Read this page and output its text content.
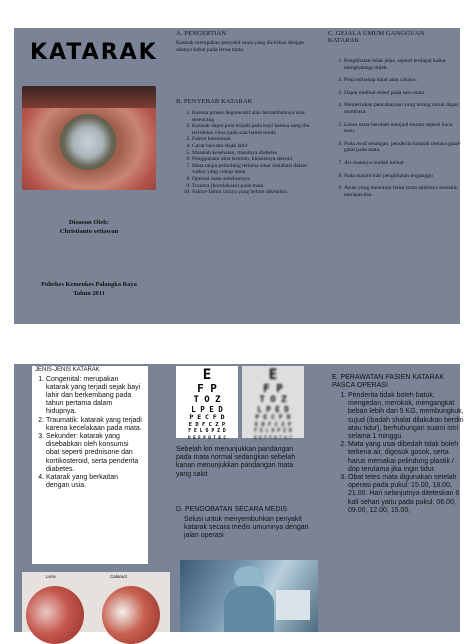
KATARAK
Disusun Oleh:
Christianto setiawan
Poltekes Kemenkes Palangka Raya
Tahun 2011
A. PENGERTIAN
Katarak merupakan penyakit mata yang dicirikan dengan adanya kabut pada lensa mata.
B. PENYEBAB KATARAK
1. Karena proses degeneratif atau bertambahnya usia seseorang
2. Katarak dapat pula terjadi pada bayi karena sang ibu terinfeksi virus pada saat hamil muda
3. Faktor keturunan.
4. Cacat bawaan sejak lahir
5. Masalah kesehatan, misalnya diabetes
6. Penggunaan obat tertentu, khususnya steroid
7. Mata tanpa pelindung terkena sinar matahari dalam waktu yang cukup lama
8. Operasi mata sebelumnya
9. Trauma (kecelakaan) pada mata
10. Faktor-faktor lainya yang belum diketahui.
C. GEJALA UMUM GANGGUAN KATARAK
1. Penglihatan tidak jelas, seperti terdapat kabut menghalangi objek.
2. Peka terhadap sinar atau cahaya.
3. Dapat melihat dobel pada satu mata.
4. Memerlukan pencahayaan yang terang untuk dapat membaca.
5. Lensa mata berubah menjadi buram seperti kaca susu.
6. Pada awal serangan, penderita katarak merasa gatal-gatal pada mata.
7. Air matanya mudah keluar
8. Pada malam hari penglihatan terganggu
9. Awan yang menutupi lensa mata akhirnya semakin merapat dan
JENIS-JENIS KATARAK
1. Congenital: merupakan katarak yang terjadi sejak bayi lahir dan berkembang pada tahun pertama dalam hidupnya.
2. Traumatik: katarak yang terjadi karena kecelakaan pada mata.
3. Sekunder: katarak yang disebabkan oleh konsumsi obat seperti prednisone dan kortikosteroid, serta penderita diabetes.
4. Katarak yang berkaitan dengan usia.
Lens	Cataract
E
F P
T O Z
L P E D
P E C F D
E D F C Z P
F E L O P Z D
D E F P O T E C
E
F P
T O Z
L P E D
P E C F D
E D F C Z P
F E L O P Z D
D E F P O T E C
Sebelah kiri menunjukkan pandangan pada mata normal sedangkan sebelah kanan menunjukkan pandangan mata yang sakit
D. PENGOBATAN SECARA MEDIS
Solusi untuk menyembuhkan penyakit katarak secara medis umumnya dengan jalan operasi
E. PERAWATAN PASIEN KATARAK PASCA OPERASI
1. Penderita tidak boleh batuk, mengedan, merokok, mengangkat beban lebih dari 5 KG, membungkuk, sujud (ibadah shalat dilakukan berdiri atau tidur), berhubungan suami istri selama 1 minggu.
2. Mata yang usai dibedah tidak boleh terkena air, digosok gosok, serta harus memakai pelindung plastik / dop terutama jika ingin tidur.
3. Obat tetes mata digunakan setelah operasi pada pukul: 15.00, 18.00, 21.00. Hari selanjutnya diteteskan 6 kali sehari yaitu pada pukul: 06.00, 09.00, 12.00, 15.00,
